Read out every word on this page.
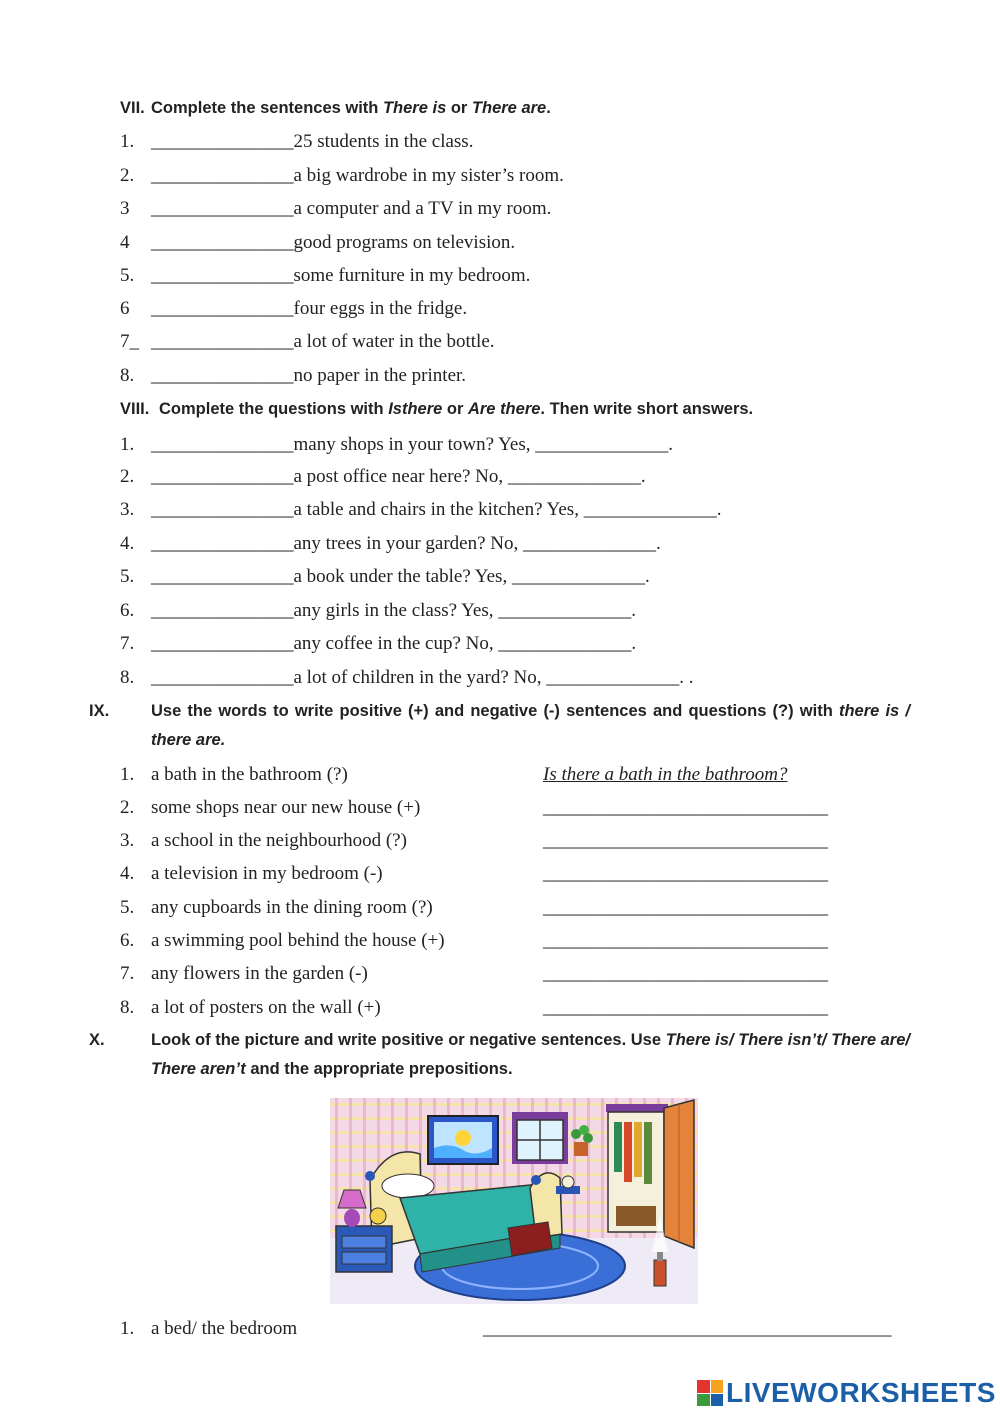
VII. Complete the sentences with There is or There are.
1. _______________25 students in the class.
2. _______________a big wardrobe in my sister’s room.
3 _______________a computer and a TV in my room.
4 _______________good programs on television.
5. _______________some furniture in my bedroom.
6 _______________four eggs in the fridge.
7_ _______________a lot of water in the bottle.
8. _______________no paper in the printer.
VIII. Complete the questions with Isthere or Are there. Then write short answers.
1. _______________many shops in your town? Yes, ______________.
2. _______________a post office near here? No, ______________.
3. _______________a table and chairs in the kitchen? Yes, ______________.
4. _______________any trees in your garden? No, ______________.
5. _______________a book under the table? Yes, ______________.
6. _______________any girls in the class? Yes, ______________.
7. _______________any coffee in the cup? No, ______________.
8. _______________a lot of children in the yard? No, ______________. .
IX.	Use the words to write positive (+) and negative (-) sentences and questions (?) with there is / there are.
1. a bath in the bathroom (?)	Is there a bath in the bathroom?
2. some shops near our new house (+)	______________________________
3. a school in the neighbourhood (?)	______________________________
4. a television in my bedroom (-)	______________________________
5. any cupboards in the dining room (?)	______________________________
6. a swimming pool behind the house (+)	______________________________
7. any flowers in the garden (-)	______________________________
8. a lot of posters on the wall (+)	______________________________
X.	Look of the picture and write positive or negative sentences. Use There is/ There isn’t/ There are/ There aren’t and the appropriate prepositions.
1. a bed/ the bedroom	___________________________________________
LIVEWORKSHEETS
